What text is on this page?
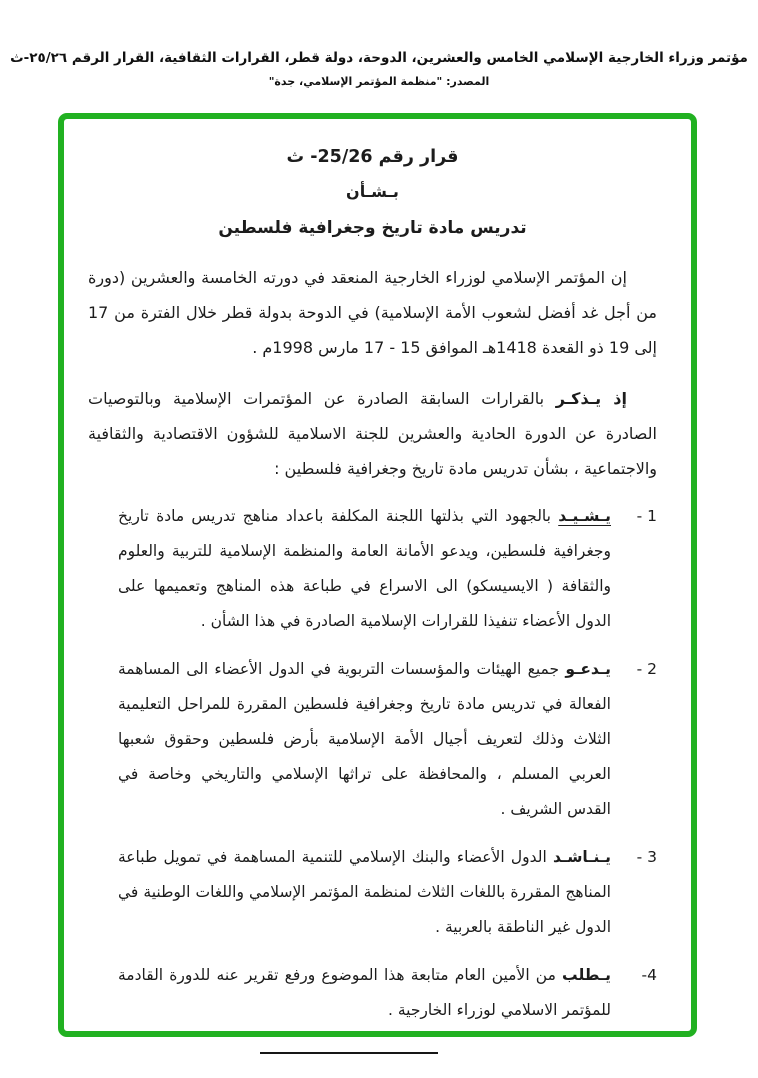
مؤتمر وزراء الخارجية الإسلامي الخامس والعشرين، الدوحة، دولة قطر، القرارات الثقافية، القرار الرقم ٢٥/٢٦-ث
المصدر: "منظمة المؤتمر الإسلامي، جدة"
قرار رقم 25/26- ث
بـشـأن
تدريس مادة تاريخ وجغرافية فلسطين

إن المؤتمر الإسلامي لوزراء الخارجية المنعقد في دورته الخامسة والعشرين (دورة من أجل غد أفضل لشعوب الأمة الإسلامية) في الدوحة بدولة قطر خلال الفترة من 17 إلى 19 ذو القعدة 1418هـ الموافق 15 - 17 مارس 1998م .

إذ يـذكـر بالقرارات السابقة الصادرة عن المؤتمرات الإسلامية وبالتوصيات الصادرة عن الدورة الحادية والعشرين للجنة الاسلامية للشؤون الاقتصادية والثقافية والاجتماعية ، بشأن تدريس مادة تاريخ وجغرافية فلسطين :

1 -
يـشـيـد بالجهود التي بذلتها اللجنة المكلفة باعداد مناهج تدريس مادة تاريخ وجغرافية فلسطين، ويدعو الأمانة العامة والمنظمة الإسلامية للتربية والعلوم والثقافة ( الايسيسكو) الى الاسراع في طباعة هذه المناهج وتعميمها على الدول الأعضاء تنفيذا للقرارات الإسلامية الصادرة في هذا الشأن .
2 -
يـدعـو جميع الهيئات والمؤسسات التربوية في الدول الأعضاء الى المساهمة الفعالة في تدريس مادة تاريخ وجغرافية فلسطين المقررة للمراحل التعليمية الثلاث وذلك لتعريف أجيال الأمة الإسلامية بأرض فلسطين وحقوق شعبها العربي المسلم ، والمحافظة على تراثها الإسلامي والتاريخي وخاصة في القدس الشريف .
3 -
يـنـاشـد الدول الأعضاء والبنك الإسلامي للتنمية المساهمة في تمويل طباعة المناهج المقررة باللغات الثلاث لمنظمة المؤتمر الإسلامي واللغات الوطنية في الدول غير الناطقة بالعربية .
4-
يـطلب من الأمين العام متابعة هذا الموضوع ورفع تقرير عنه للدورة القادمة للمؤتمر الاسلامي لوزراء الخارجية .
